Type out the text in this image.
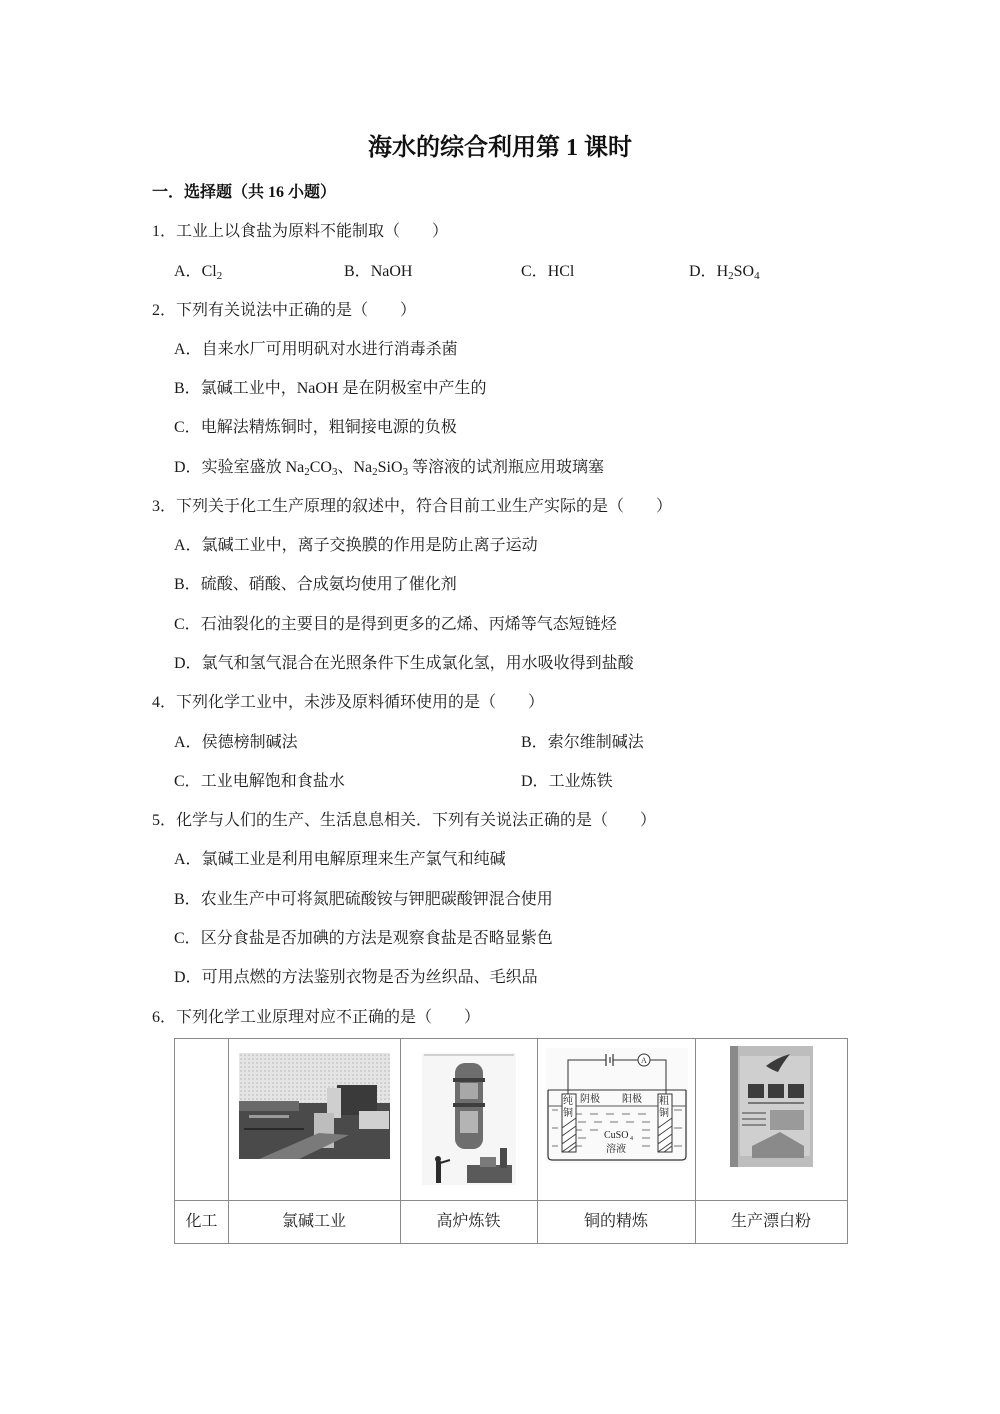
海水的综合利用第 1 课时
一．选择题（共 16 小题）
1．工业上以食盐为原料不能制取（　　）
A．$Cl_2$	B．NaOH	C．HCl	D．$H_2SO_4$
2．下列有关说法中正确的是（　　）
A．自来水厂可用明矾对水进行消毒杀菌
B．氯碱工业中，NaOH 是在阴极室中产生的
C．电解法精炼铜时，粗铜接电源的负极
D．实验室盛放 $Na_2CO_3$、$Na_2SiO_3$ 等溶液的试剂瓶应用玻璃塞
3．下列关于化工生产原理的叙述中，符合目前工业生产实际的是（　　）
A．氯碱工业中，离子交换膜的作用是防止离子运动
B．硫酸、硝酸、合成氨均使用了催化剂
C．石油裂化的主要目的是得到更多的乙烯、丙烯等气态短链烃
D．氯气和氢气混合在光照条件下生成氯化氢，用水吸收得到盐酸
4．下列化学工业中，未涉及原料循环使用的是（　　）
A．侯德榜制碱法	B．索尔维制碱法
C．工业电解饱和食盐水	D．工业炼铁
5．化学与人们的生产、生活息息相关．下列有关说法正确的是（　　）
A．氯碱工业是利用电解原理来生产氯气和纯碱
B．农业生产中可将氮肥硫酸铵与钾肥碳酸钾混合使用
C．区分食盐是否加碘的方法是观察食盐是否略显紫色
D．可用点燃的方法鉴别衣物是否为丝织品、毛织品
6．下列化学工业原理对应不正确的是（　　）
A
阴极 阳极
纯
铜
粗
铜
CuSO 4
溶液
化工	氯碱工业	高炉炼铁	铜的精炼	生产漂白粉
